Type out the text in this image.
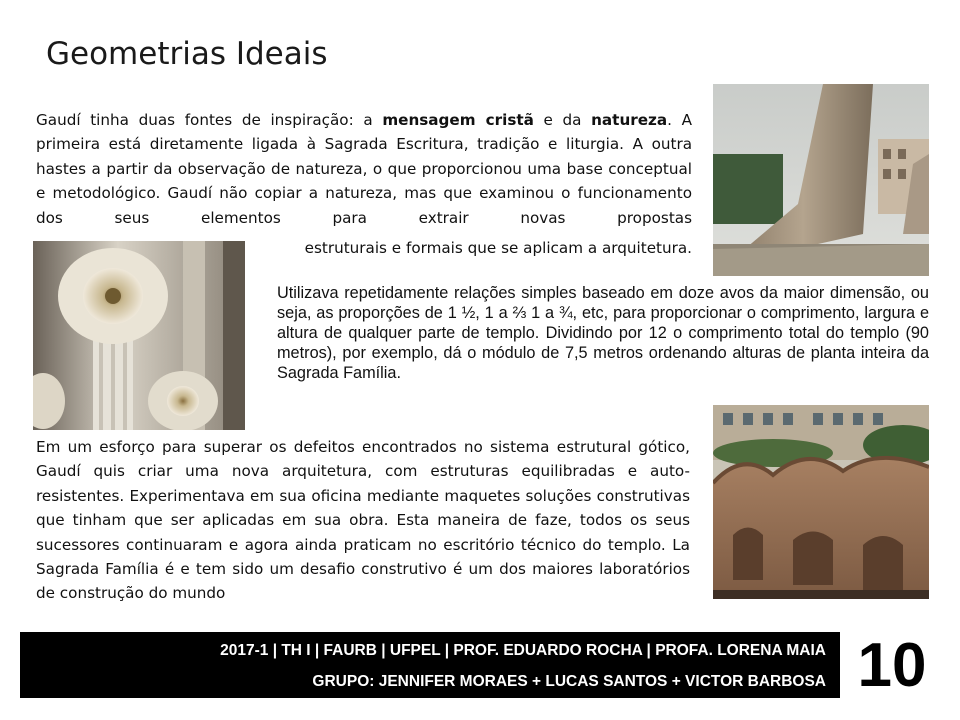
Geometrias Ideais
Gaudí tinha duas fontes de inspiração: a mensagem cristã e da natureza. A primeira está diretamente ligada à Sagrada Escritura, tradição e liturgia. A outra hastes a partir da observação de natureza, o que proporcionou uma base conceptual e metodológico. Gaudí não copiar a natureza, mas que examinou o funcionamento dos seus elementos para extrair novas propostas
estruturais e formais que se aplicam a arquitetura.
Utilizava repetidamente relações simples baseado em doze avos da maior dimensão, ou seja, as proporções de 1 ½, 1 a ⅔ 1 a ¾, etc, para proporcionar o comprimento, largura e altura de qualquer parte de templo. Dividindo por 12 o comprimento total do templo (90 metros), por exemplo, dá o módulo de 7,5 metros ordenando alturas de planta inteira da Sagrada Família.
Em um esforço para superar os defeitos encontrados no sistema estrutural gótico, Gaudí quis criar uma nova arquitetura, com estruturas equilibradas e auto-resistentes. Experimentava em sua oficina mediante maquetes soluções construtivas que tinham que ser aplicadas em sua obra. Esta maneira de faze, todos os seus sucessores continuaram e agora ainda praticam no escritório técnico do templo. La Sagrada Família é e tem sido um desafio construtivo é um dos maiores laboratórios de construção do mundo
2017-1 | TH I | FAURB | UFPEL | PROF. EDUARDO ROCHA | PROFA. LORENA MAIA
GRUPO: JENNIFER MORAES + LUCAS SANTOS + VICTOR BARBOSA 10
